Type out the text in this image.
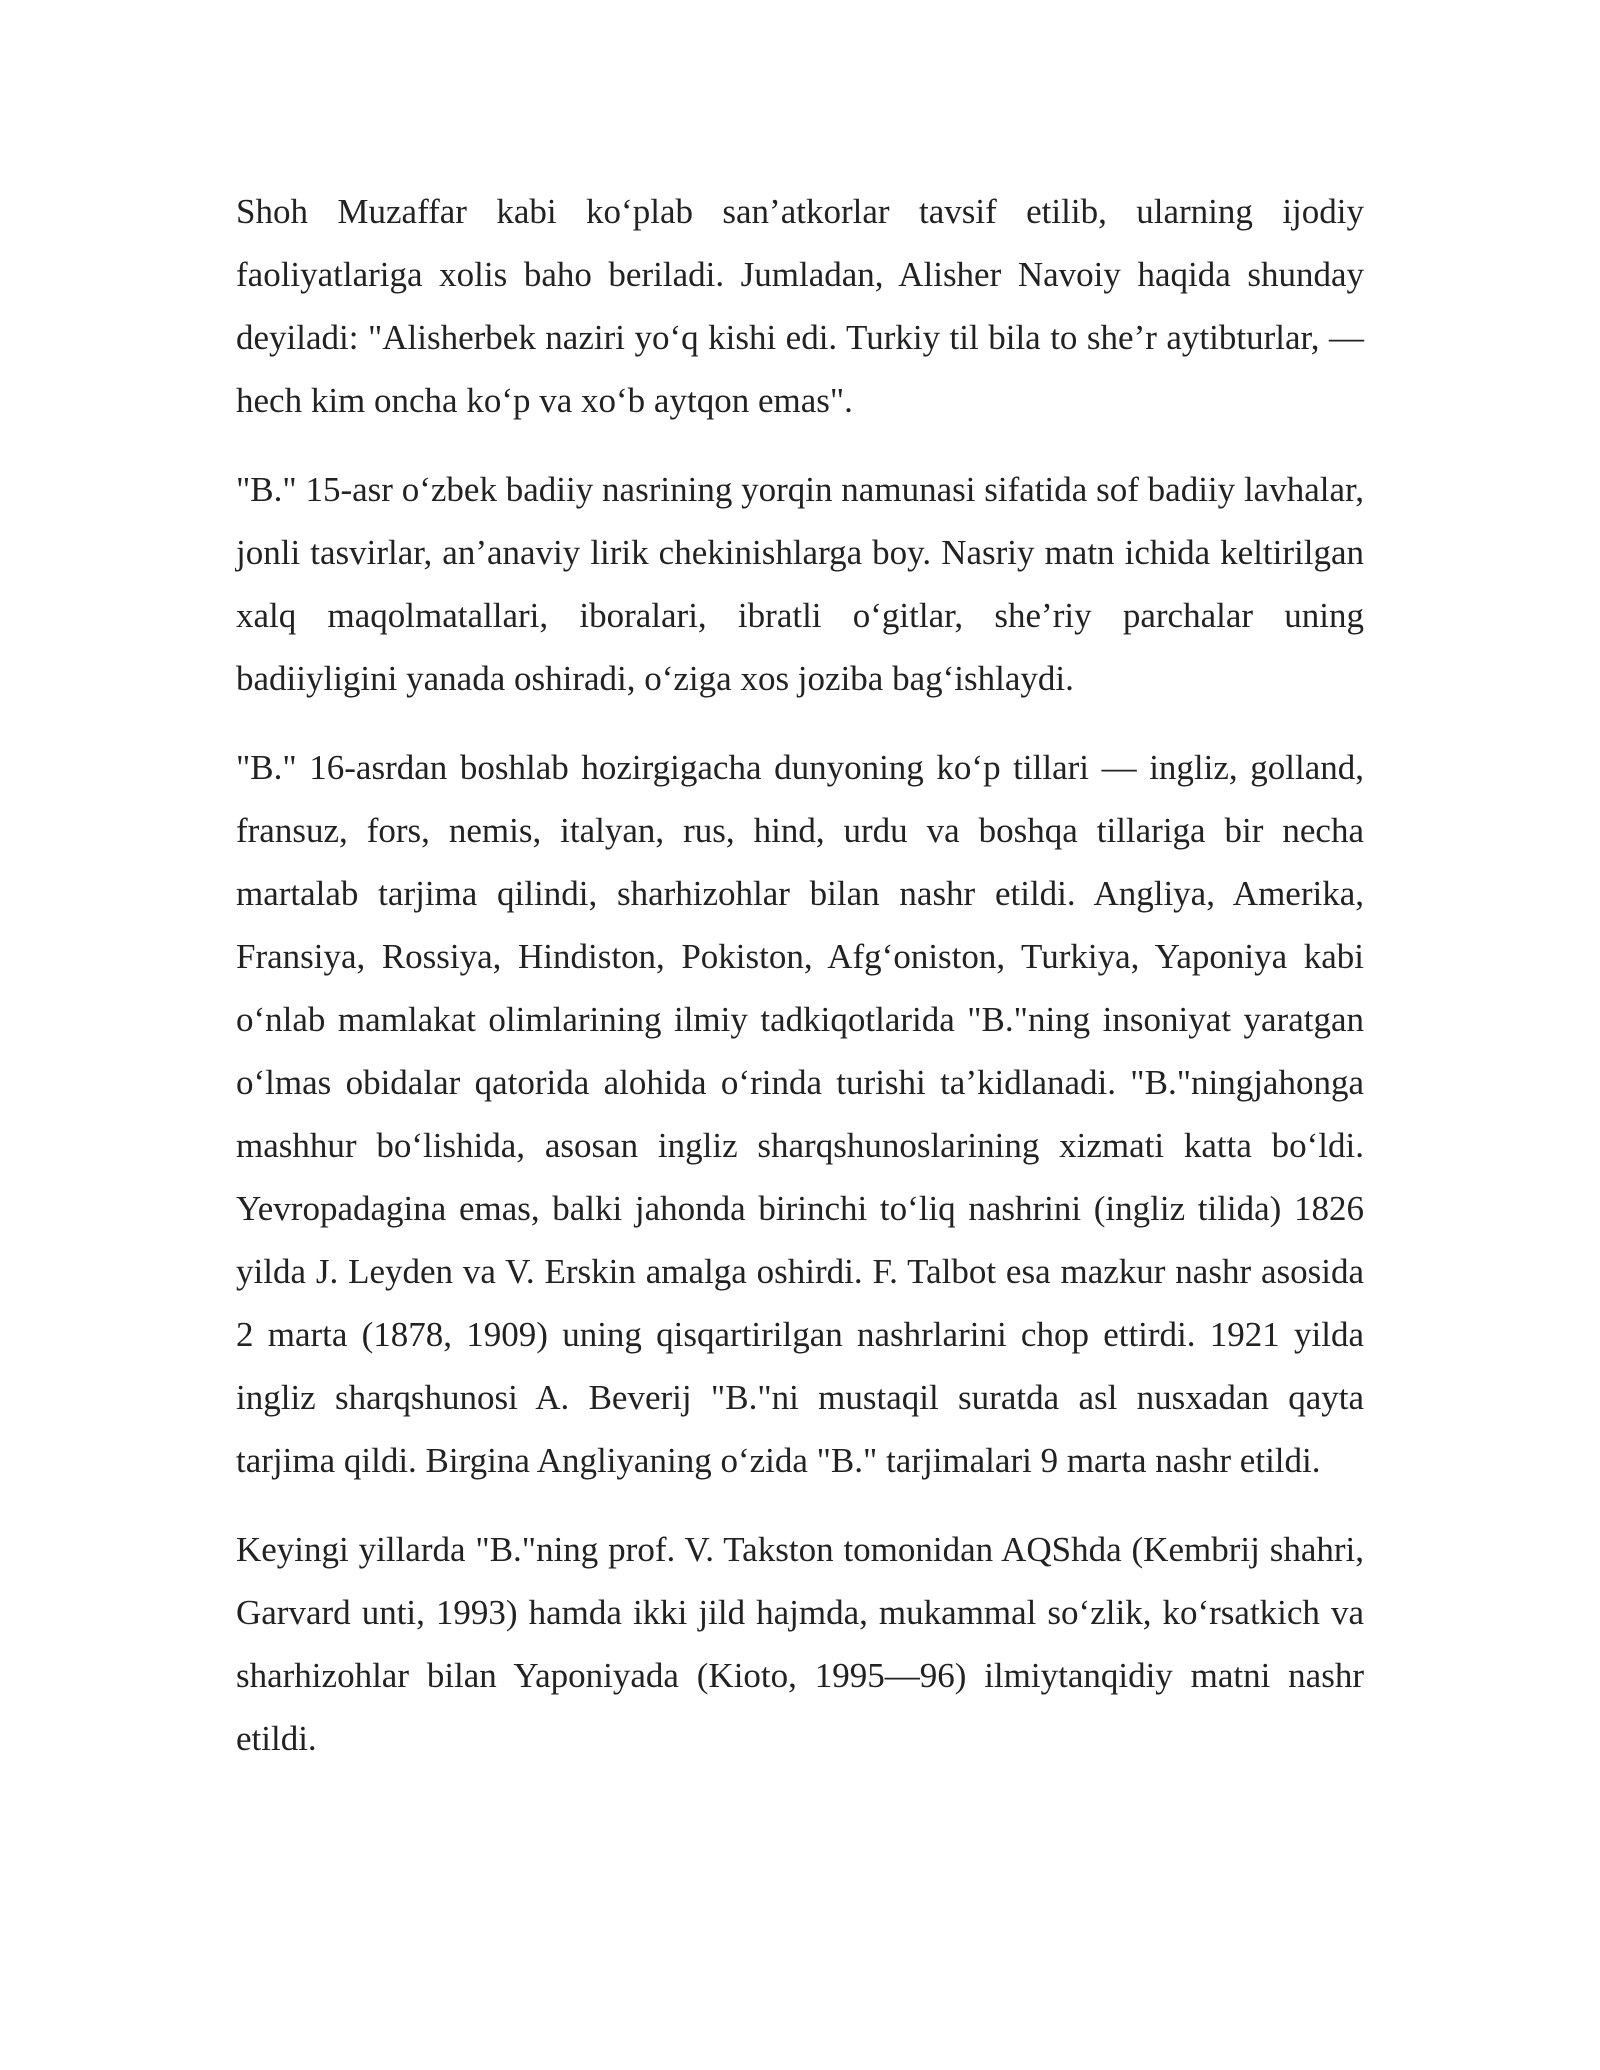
Shoh Muzaffar kabi ko‘plab san’atkorlar tavsif etilib, ularning ijodiy faoliyatlariga xolis baho beriladi. Jumladan, Alisher Navoiy haqida shunday deyiladi: "Alisherbek naziri yo‘q kishi edi. Turkiy til bila to she’r aytibturlar, — hech kim oncha ko‘p va xo‘b aytqon emas".

"B." 15-asr o‘zbek badiiy nasrining yorqin namunasi sifatida sof badiiy lavhalar, jonli tasvirlar, an’anaviy lirik chekinishlarga boy. Nasriy matn ichida keltirilgan xalq maqolmatallari, iboralari, ibratli o‘gitlar, she’riy parchalar uning badiiyligini yanada oshiradi, o‘ziga xos joziba bag‘ishlaydi.

"B." 16-asrdan boshlab hozirgigacha dunyoning ko‘p tillari — ingliz, golland, fransuz, fors, nemis, italyan, rus, hind, urdu va boshqa tillariga bir necha martalab tarjima qilindi, sharhizohlar bilan nashr etildi. Angliya, Amerika, Fransiya, Rossiya, Hindiston, Pokiston, Afg‘oniston, Turkiya, Yaponiya kabi o‘nlab mamlakat olimlarining ilmiy tadkiqotlarida "B."ning insoniyat yaratgan o‘lmas obidalar qatorida alohida o‘rinda turishi ta’kidlanadi. "B."ningjahonga mashhur bo‘lishida, asosan ingliz sharqshunoslarining xizmati katta bo‘ldi. Yevropadagina emas, balki jahonda birinchi to‘liq nashrini (ingliz tilida) 1826 yilda J. Leyden va V. Erskin amalga oshirdi. F. Talbot esa mazkur nashr asosida 2 marta (1878, 1909) uning qisqartirilgan nashrlarini chop ettirdi. 1921 yilda ingliz sharqshunosi A. Beverij "B."ni mustaqil suratda asl nusxadan qayta tarjima qildi. Birgina Angliyaning o‘zida "B." tarjimalari 9 marta nashr etildi.

Keyingi yillarda "B."ning prof. V. Takston tomonidan AQShda (Kembrij shahri, Garvard unti, 1993) hamda ikki jild hajmda, mukammal so‘zlik, ko‘rsatkich va sharhizohlar bilan Yaponiyada (Kioto, 1995—96) ilmiytanqidiy matni nashr etildi.
